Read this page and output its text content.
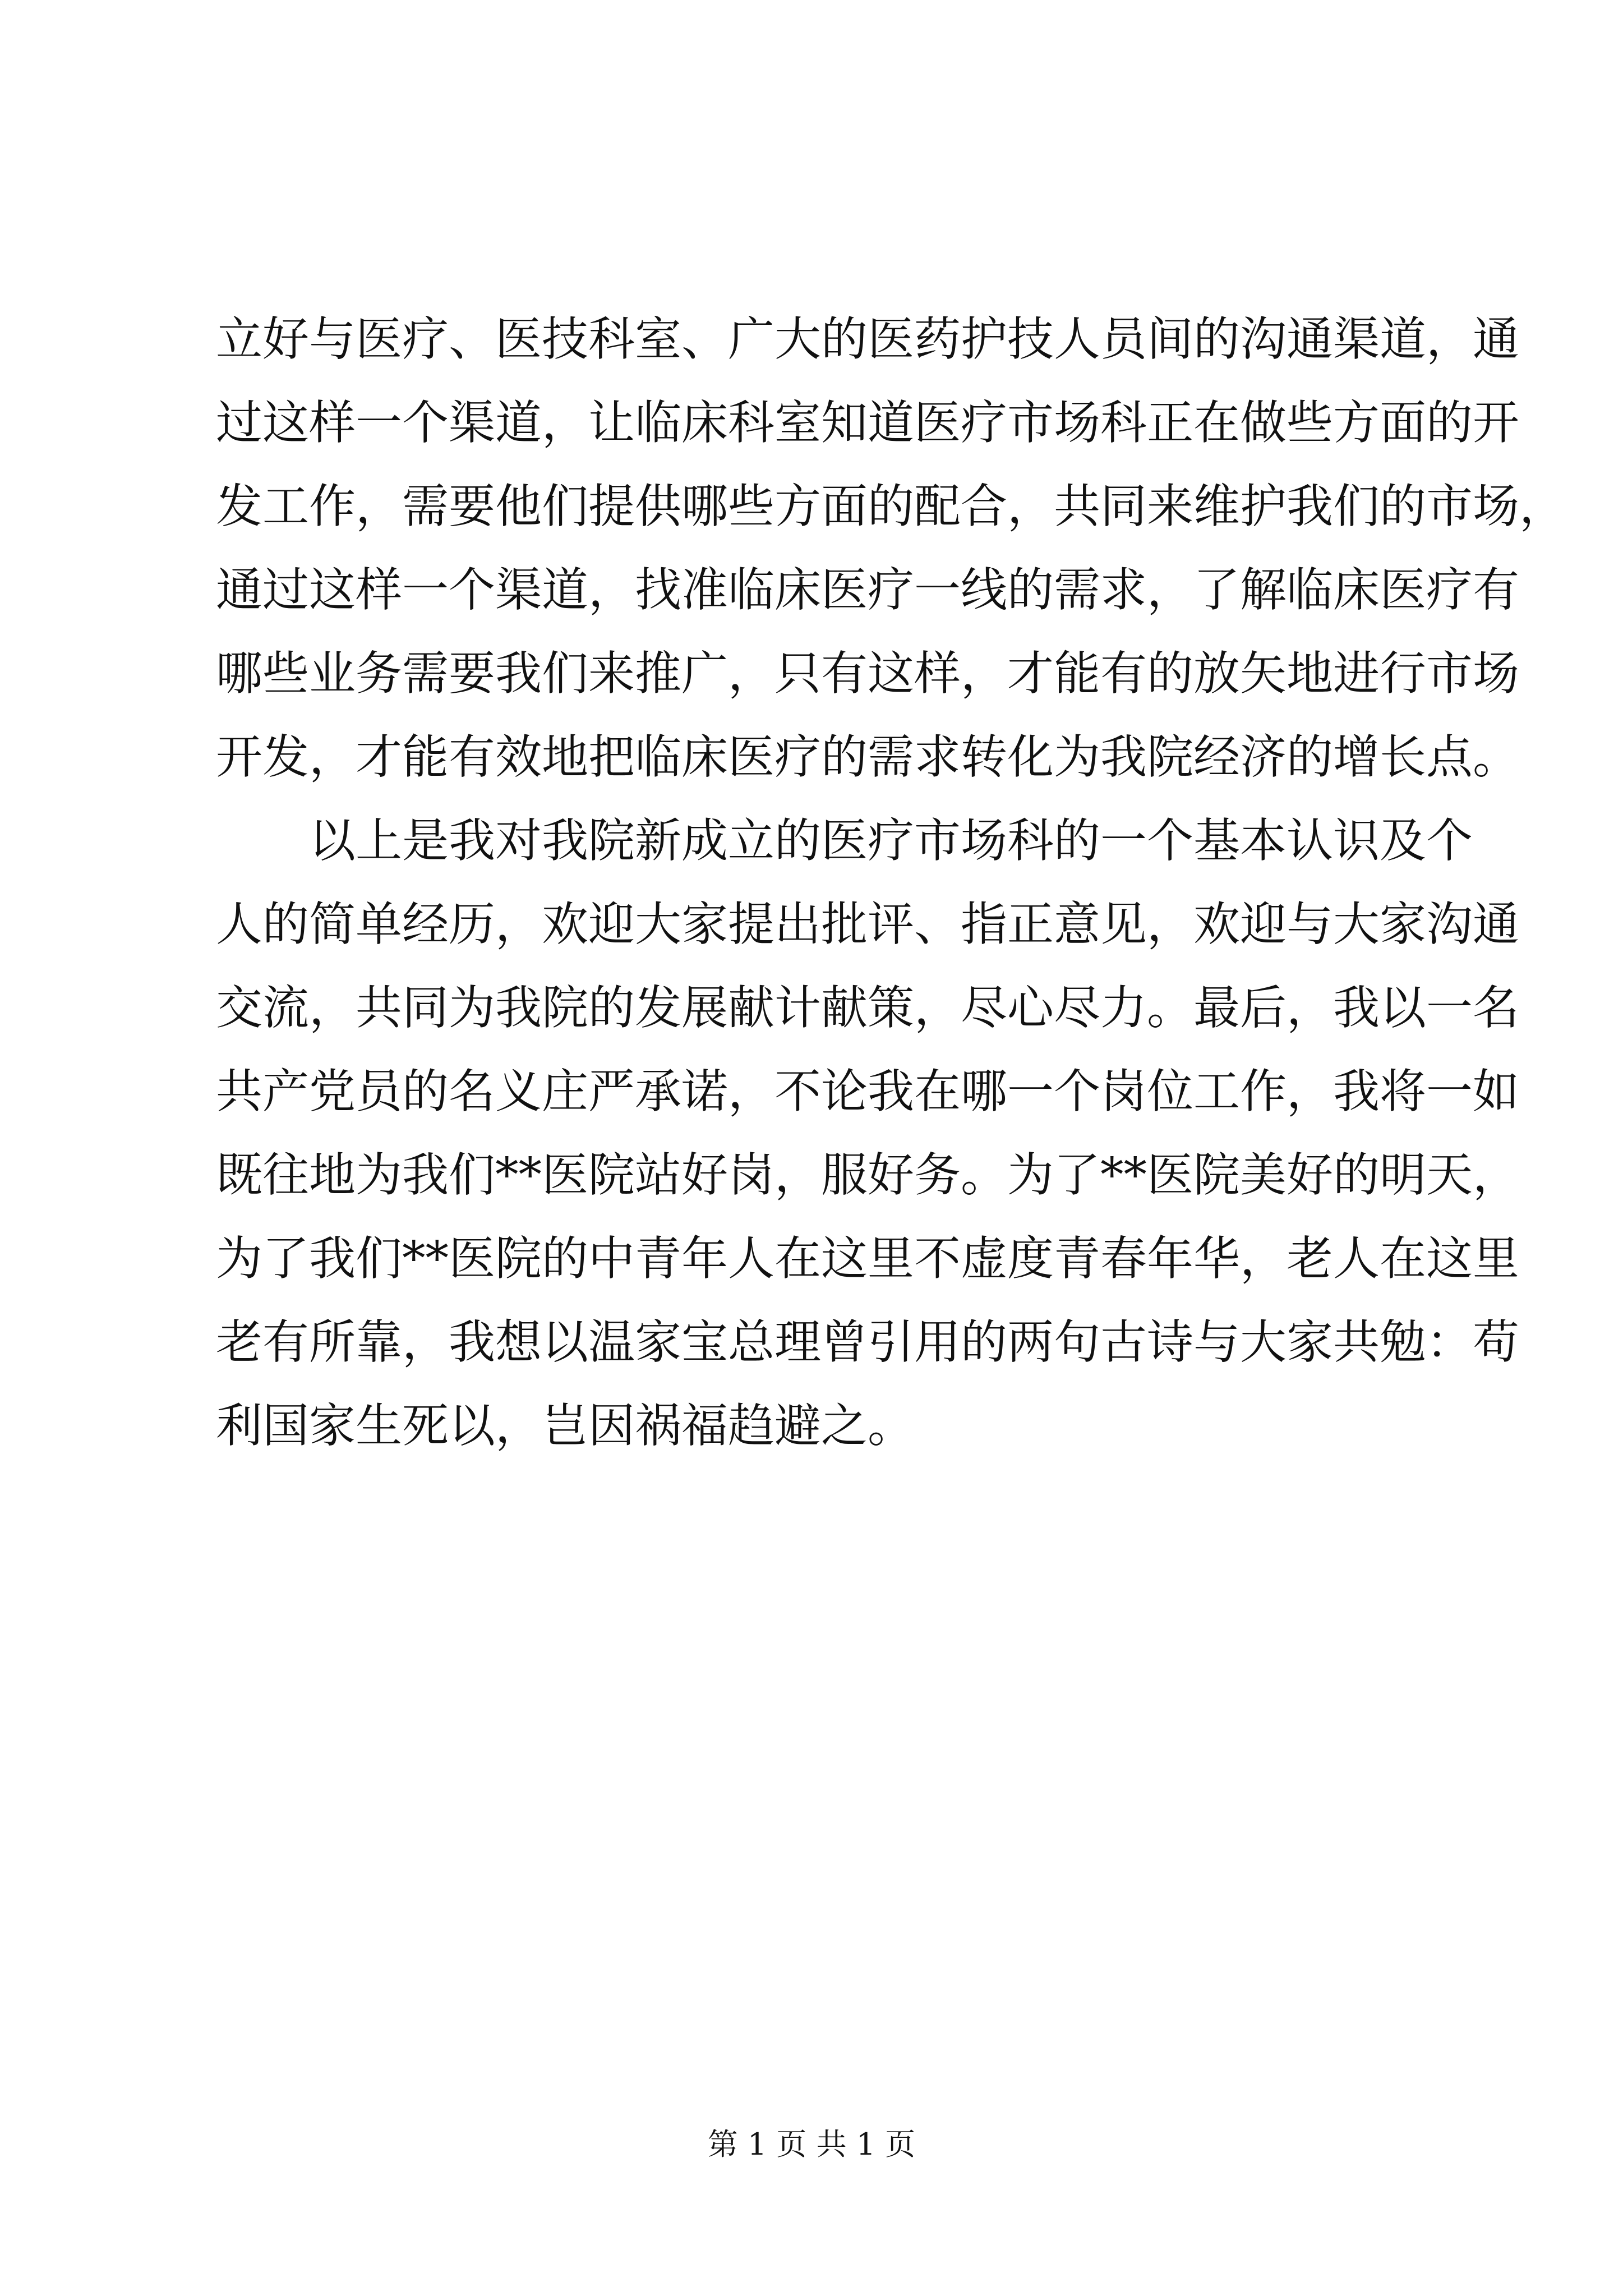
立好与医疗、医技科室、广大的医药护技人员间的沟通渠道，通
过这样一个渠道，让临床科室知道医疗市场科正在做些方面的开
发工作，需要他们提供哪些方面的配合，共同来维护我们的市场，
通过这样一个渠道，找准临床医疗一线的需求，了解临床医疗有
哪些业务需要我们来推广，只有这样，才能有的放矢地进行市场
开发，才能有效地把临床医疗的需求转化为我院经济的增长点。
以上是我对我院新成立的医疗市场科的一个基本认识及个
人的简单经历，欢迎大家提出批评、指正意见，欢迎与大家沟通
交流，共同为我院的发展献计献策，尽心尽力。最后，我以一名
共产党员的名义庄严承诺，不论我在哪一个岗位工作，我将一如
既往地为我们**医院站好岗，服好务。为了**医院美好的明天，
为了我们**医院的中青年人在这里不虚度青春年华，老人在这里
老有所靠，我想以温家宝总理曾引用的两句古诗与大家共勉：苟
利国家生死以，岂因祸福趋避之。
第 1 页 共 1 页
